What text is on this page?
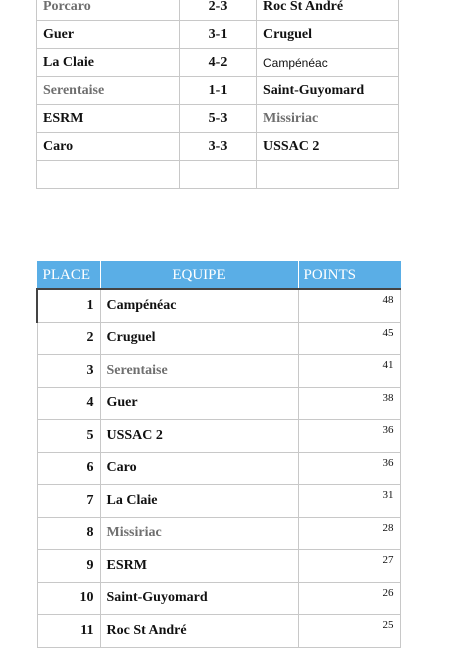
Porcaro	2-3	Roc St André
Guer	3-1	Cruguel
La Claie	4-2	Campénéac
Serentaise	1-1	Saint-Guyomard
ESRM	5-3	Missiriac
Caro	3-3	USSAC 2

PLACE	EQUIPE	POINTS
1	Campénéac	48
2	Cruguel	45
3	Serentaise	41
4	Guer	38
5	USSAC 2	36
6	Caro	36
7	La Claie	31
8	Missiriac	28
9	ESRM	27
10	Saint-Guyomard	26
11	Roc St André	25
